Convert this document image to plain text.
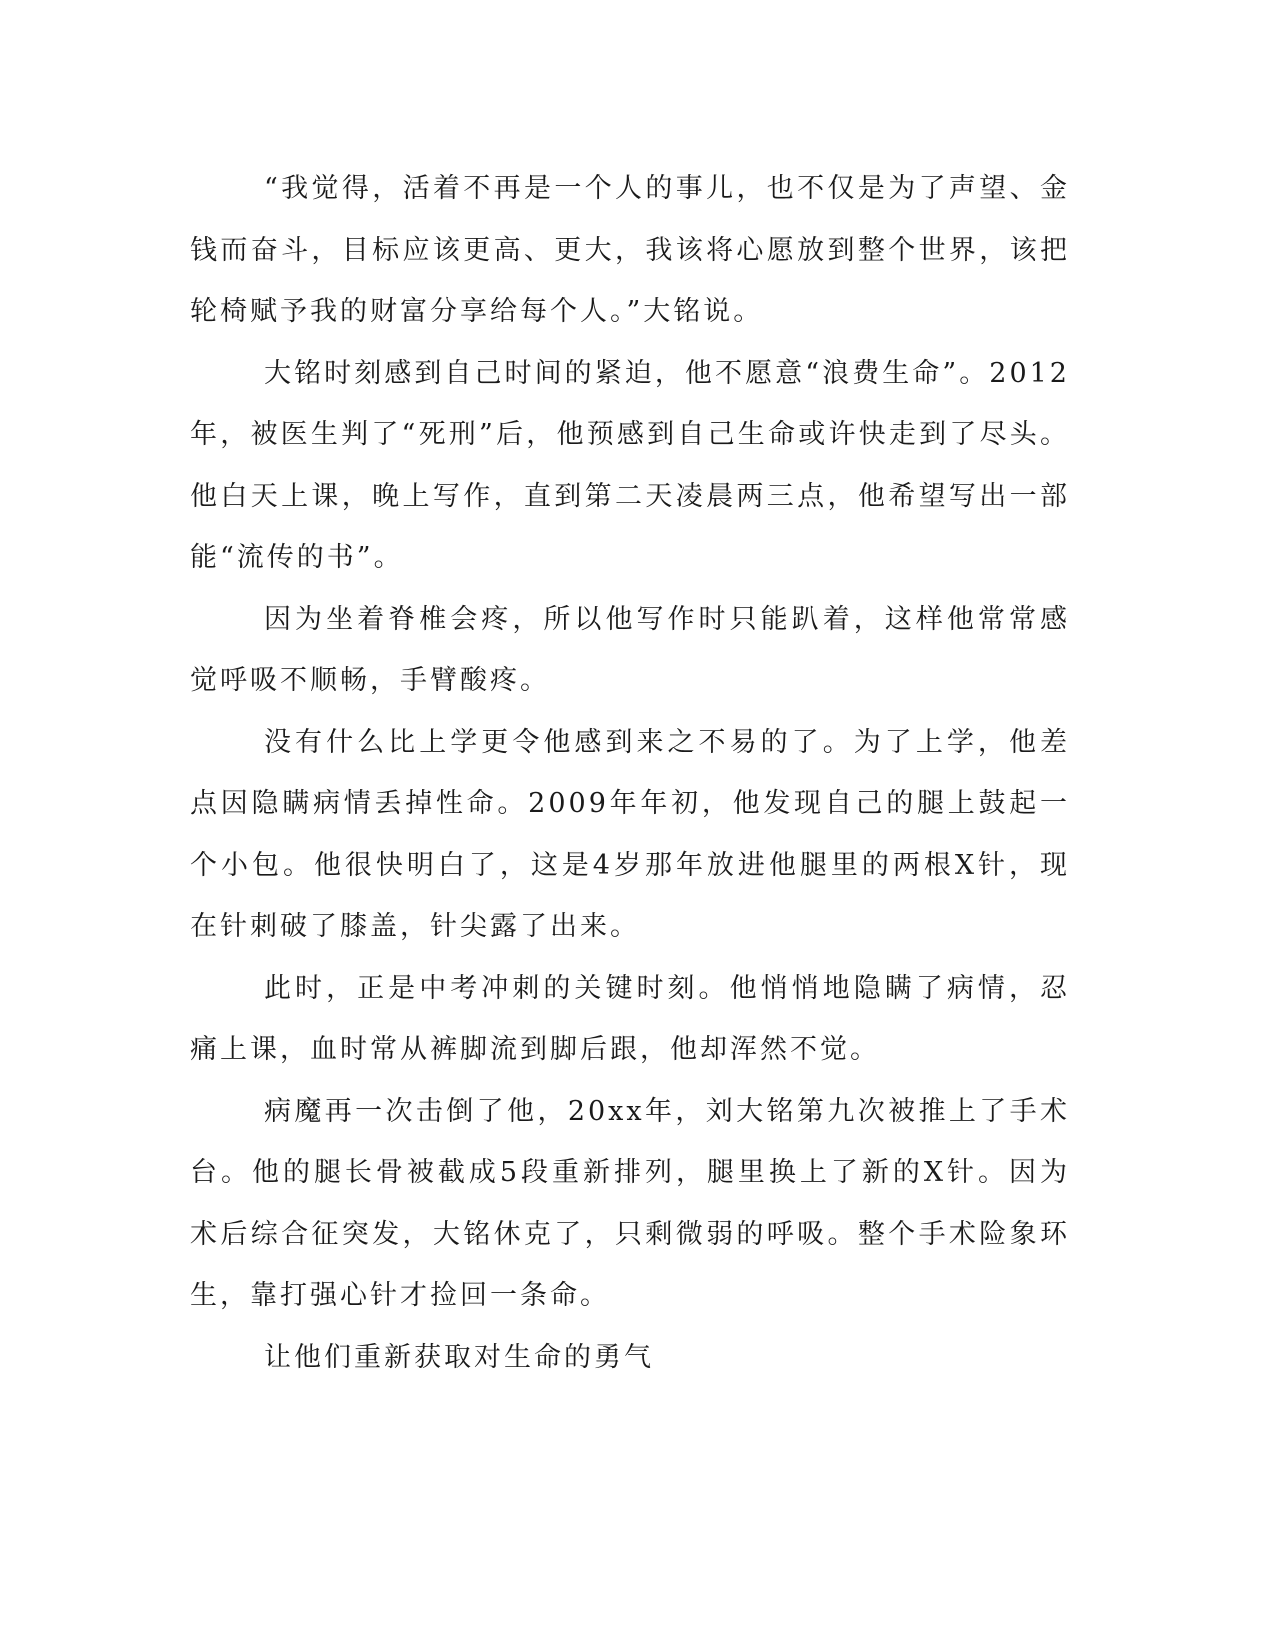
“我觉得，活着不再是一个人的事儿，也不仅是为了声望、金钱而奋斗，目标应该更高、更大，我该将心愿放到整个世界，该把轮椅赋予我的财富分享给每个人。”大铭说。

大铭时刻感到自己时间的紧迫，他不愿意“浪费生命”。2012年，被医生判了“死刑”后，他预感到自己生命或许快走到了尽头。他白天上课，晚上写作，直到第二天凌晨两三点，他希望写出一部能“流传的书”。

因为坐着脊椎会疼，所以他写作时只能趴着，这样他常常感觉呼吸不顺畅，手臂酸疼。

没有什么比上学更令他感到来之不易的了。为了上学，他差点因隐瞒病情丢掉性命。2009年年初，他发现自己的腿上鼓起一个小包。他很快明白了，这是4岁那年放进他腿里的两根X针，现在针刺破了膝盖，针尖露了出来。

此时，正是中考冲刺的关键时刻。他悄悄地隐瞒了病情，忍痛上课，血时常从裤脚流到脚后跟，他却浑然不觉。

病魔再一次击倒了他，20xx年，刘大铭第九次被推上了手术台。他的腿长骨被截成5段重新排列，腿里换上了新的X针。因为术后综合征突发，大铭休克了，只剩微弱的呼吸。整个手术险象环生，靠打强心针才捡回一条命。

让他们重新获取对生命的勇气
